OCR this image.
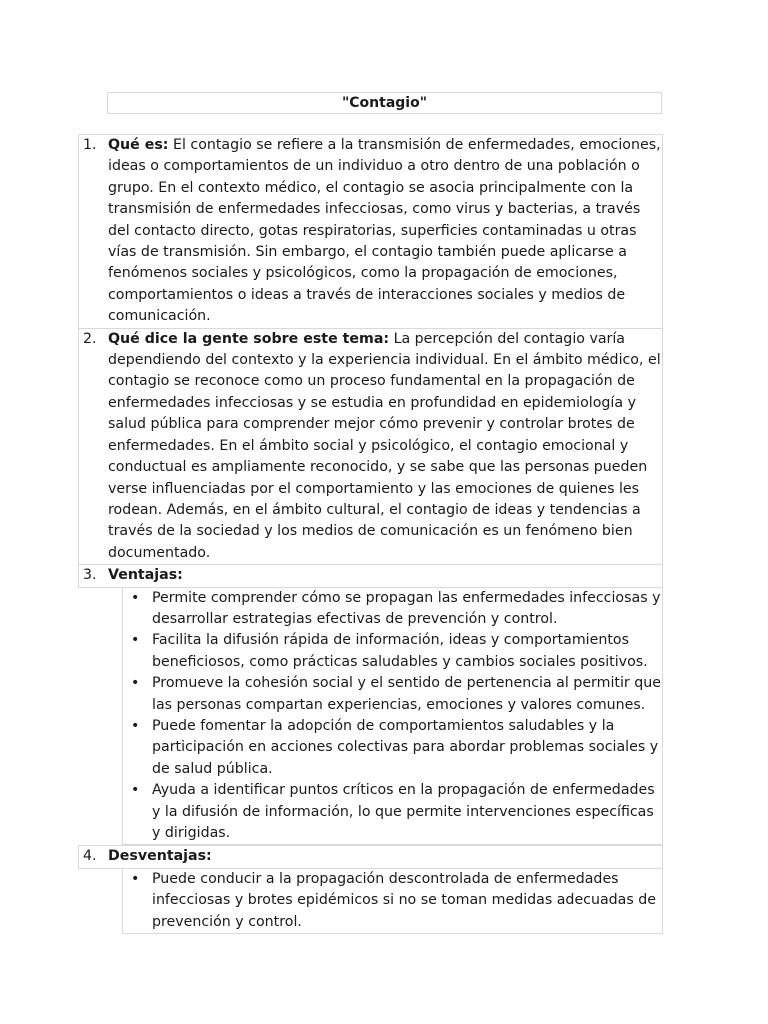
"Contagio"
1. Qué es: El contagio se refiere a la transmisión de enfermedades, emociones, ideas o comportamientos de un individuo a otro dentro de una población o grupo. En el contexto médico, el contagio se asocia principalmente con la transmisión de enfermedades infecciosas, como virus y bacterias, a través del contacto directo, gotas respiratorias, superficies contaminadas u otras vías de transmisión. Sin embargo, el contagio también puede aplicarse a fenómenos sociales y psicológicos, como la propagación de emociones, comportamientos o ideas a través de interacciones sociales y medios de comunicación.
2. Qué dice la gente sobre este tema: La percepción del contagio varía dependiendo del contexto y la experiencia individual. En el ámbito médico, el contagio se reconoce como un proceso fundamental en la propagación de enfermedades infecciosas y se estudia en profundidad en epidemiología y salud pública para comprender mejor cómo prevenir y controlar brotes de enfermedades. En el ámbito social y psicológico, el contagio emocional y conductual es ampliamente reconocido, y se sabe que las personas pueden verse influenciadas por el comportamiento y las emociones de quienes les rodean. Además, en el ámbito cultural, el contagio de ideas y tendencias a través de la sociedad y los medios de comunicación es un fenómeno bien documentado.
3. Ventajas:
• Permite comprender cómo se propagan las enfermedades infecciosas y desarrollar estrategias efectivas de prevención y control.
• Facilita la difusión rápida de información, ideas y comportamientos beneficiosos, como prácticas saludables y cambios sociales positivos.
• Promueve la cohesión social y el sentido de pertenencia al permitir que las personas compartan experiencias, emociones y valores comunes.
• Puede fomentar la adopción de comportamientos saludables y la participación en acciones colectivas para abordar problemas sociales y de salud pública.
• Ayuda a identificar puntos críticos en la propagación de enfermedades y la difusión de información, lo que permite intervenciones específicas y dirigidas.
4. Desventajas:
• Puede conducir a la propagación descontrolada de enfermedades infecciosas y brotes epidémicos si no se toman medidas adecuadas de prevención y control.
